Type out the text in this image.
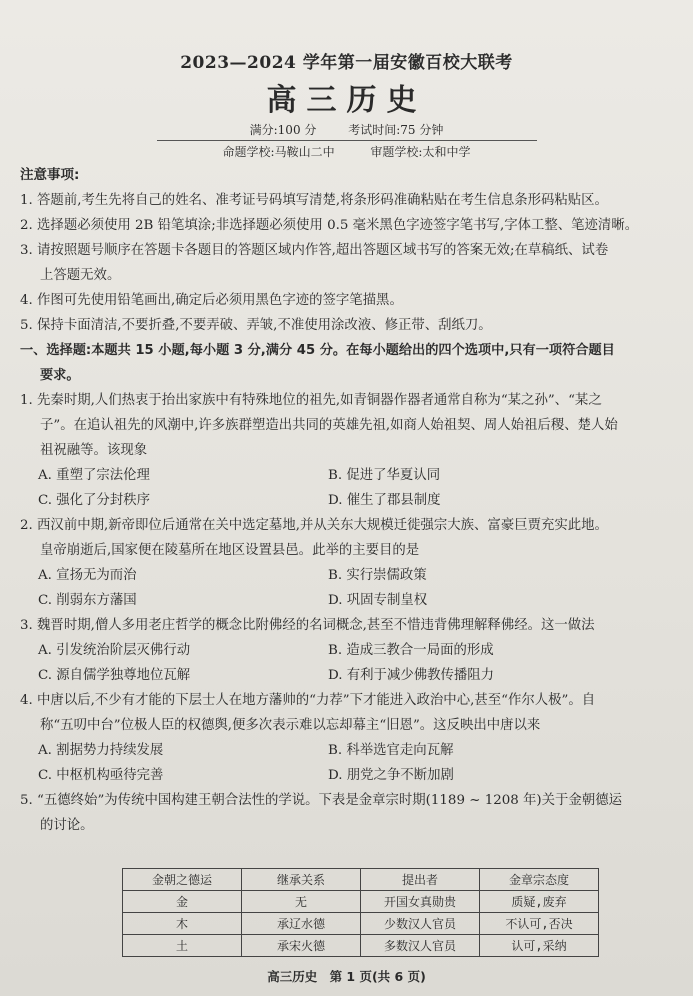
2023—2024 学年第一届安徽百校大联考
高三历史
满分:100 分	考试时间:75 分钟
命题学校:马鞍山二中	审题学校:太和中学
注意事项:
1. 答题前,考生先将自己的姓名、准考证号码填写清楚,将条形码准确粘贴在考生信息条形码粘贴区。
2. 选择题必须使用 2B 铅笔填涂;非选择题必须使用 0.5 毫米黑色字迹签字笔书写,字体工整、笔迹清晰。
3. 请按照题号顺序在答题卡各题目的答题区域内作答,超出答题区域书写的答案无效;在草稿纸、试卷
上答题无效。
4. 作图可先使用铅笔画出,确定后必须用黑色字迹的签字笔描黑。
5. 保持卡面清洁,不要折叠,不要弄破、弄皱,不准使用涂改液、修正带、刮纸刀。
一、选择题:本题共 15 小题,每小题 3 分,满分 45 分。在每小题给出的四个选项中,只有一项符合题目
要求。
1. 先秦时期,人们热衷于抬出家族中有特殊地位的祖先,如青铜器作器者通常自称为“某之孙”、“某之
子”。在追认祖先的风潮中,许多族群塑造出共同的英雄先祖,如商人始祖契、周人始祖后稷、楚人始
祖祝融等。该现象
A. 重塑了宗法伦理	B. 促进了华夏认同
C. 强化了分封秩序	D. 催生了郡县制度
2. 西汉前中期,新帝即位后通常在关中选定墓地,并从关东大规模迁徙强宗大族、富豪巨贾充实此地。
皇帝崩逝后,国家便在陵墓所在地区设置县邑。此举的主要目的是
A. 宣扬无为而治	B. 实行崇儒政策
C. 削弱东方藩国	D. 巩固专制皇权
3. 魏晋时期,僧人多用老庄哲学的概念比附佛经的名词概念,甚至不惜违背佛理解释佛经。这一做法
A. 引发统治阶层灭佛行动	B. 造成三教合一局面的形成
C. 源自儒学独尊地位瓦解	D. 有利于减少佛教传播阻力
4. 中唐以后,不少有才能的下层士人在地方藩帅的“力荐”下才能进入政治中心,甚至“作尔人极”。自
称“五叨中台”位极人臣的权德舆,便多次表示难以忘却幕主“旧恩”。这反映出中唐以来
A. 割据势力持续发展	B. 科举选官走向瓦解
C. 中枢机构亟待完善	D. 朋党之争不断加剧
5. “五德终始”为传统中国构建王朝合法性的学说。下表是金章宗时期(1189 ~ 1208 年)关于金朝德运
的讨论。
金朝之德运	继承关系	提出者	金章宗态度
金	无	开国女真勋贵	质疑,废弃
木	承辽水德	少数汉人官员	不认可,否决
土	承宋火德	多数汉人官员	认可,采纳
高三历史 第 1 页(共 6 页)
